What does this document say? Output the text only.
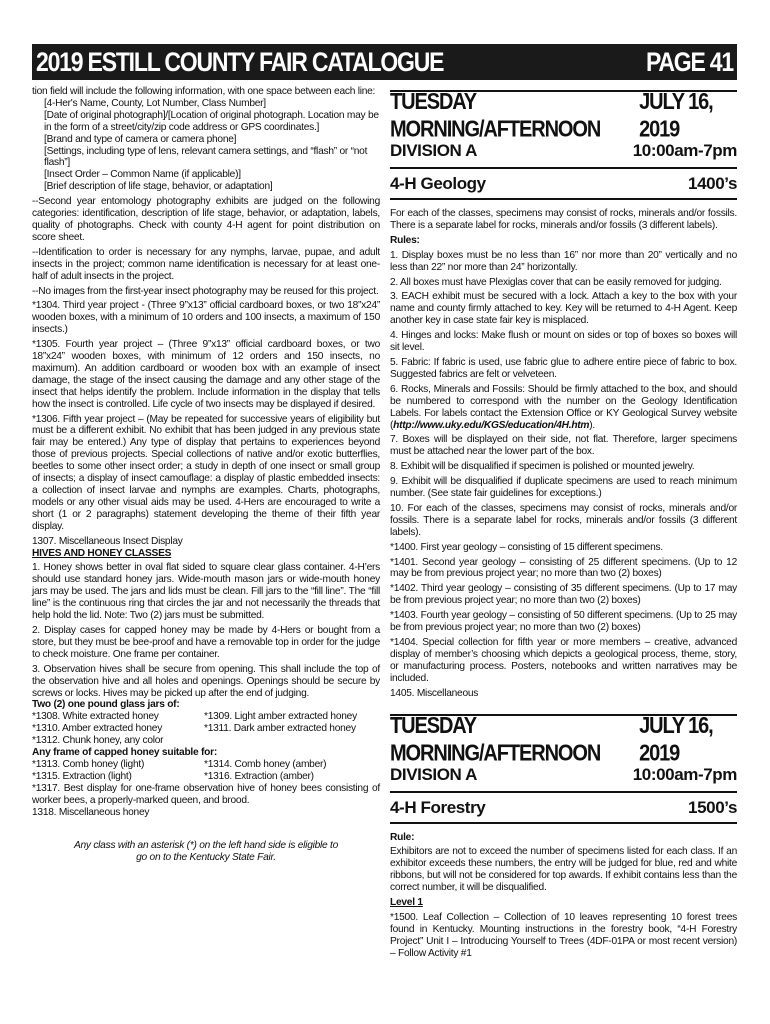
2019 ESTILL COUNTY FAIR CATALOGUE	PAGE 41

tion field will include the following information, with one space between each line:

[4-Her's Name, County, Lot Number, Class Number]

[Date of original photograph]/[Location of original photograph. Location may be in the form of a street/city/zip code address or GPS coordinates.]

[Brand and type of camera or camera phone]

[Settings, including type of lens, relevant camera settings, and “flash” or “not flash”]

[Insect Order – Common Name (if applicable)]

[Brief description of life stage, behavior, or adaptation]

--Second year entomology photography exhibits are judged on the following categories: identification, description of life stage, behavior, or adaptation, labels, quality of photographs. Check with county 4-H agent for point distribution on score sheet.

--Identification to order is necessary for any nymphs, larvae, pupae, and adult insects in the project; common name identification is necessary for at least one-half of adult insects in the project.

--No images from the first-year insect photography may be reused for this project.

*1304. Third year project - (Three 9”x13” official cardboard boxes, or two 18”x24” wooden boxes, with a minimum of 10 orders and 100 insects, a maximum of 150 insects.)

*1305. Fourth year project – (Three 9”x13” official cardboard boxes, or two 18”x24” wooden boxes, with minimum of 12 orders and 150 insects, no maximum). An addition cardboard or wooden box with an example of insect damage, the stage of the insect causing the damage and any other stage of the insect that helps identify the problem. Include information in the display that tells how the insect is controlled. Life cycle of two insects may be displayed if desired.

*1306. Fifth year project – (May be repeated for successive years of eligibility but must be a different exhibit. No exhibit that has been judged in any previous state fair may be entered.) Any type of display that pertains to experiences beyond those of previous projects. Special collections of native and/or exotic butterflies, beetles to some other insect order; a study in depth of one insect or small group of insects; a display of insect camouflage: a display of plastic embedded insects: a collection of insect larvae and nymphs are examples. Charts, photographs, models or any other visual aids may be used. 4-Hers are encouraged to write a short (1 or 2 paragraphs) statement developing the theme of their fifth year display.

1307. Miscellaneous Insect Display

HIVES AND HONEY CLASSES

1. Honey shows better in oval flat sided to square clear glass container. 4-H’ers should use standard honey jars. Wide-mouth mason jars or wide-mouth honey jars may be used. The jars and lids must be clean. Fill jars to the “fill line”. The “fill line” is the continuous ring that circles the jar and not necessarily the threads that help hold the lid. Note: Two (2) jars must be submitted.

2. Display cases for capped honey may be made by 4-Hers or bought from a store, but they must be bee-proof and have a removable top in order for the judge to check moisture. One frame per container.

3. Observation hives shall be secure from opening. This shall include the top of the observation hive and all holes and openings. Openings should be secure by screws or locks. Hives may be picked up after the end of judging.

Two (2) one pound glass jars of:

*1308. White extracted honey	*1309. Light amber extracted honey
*1310. Amber extracted honey	*1311. Dark amber extracted honey
*1312. Chunk honey, any color

Any frame of capped honey suitable for:

*1313. Comb honey (light)	*1314. Comb honey (amber)
*1315. Extraction (light)	*1316. Extraction (amber)

*1317. Best display for one-frame observation hive of honey bees consisting of worker bees, a properly-marked queen, and brood.

1318. Miscellaneous honey

Any class with an asterisk (*) on the left hand side is eligible to go on to the Kentucky State Fair.

TUESDAY MORNING/AFTERNOON
JULY 16, 2019
DIVISION A	10:00am-7pm
4-H Geology	1400’s

For each of the classes, specimens may consist of rocks, minerals and/or fossils. There is a separate label for rocks, minerals and/or fossils (3 different labels).

Rules:

1. Display boxes must be no less than 16” nor more than 20” vertically and no less than 22” nor more than 24” horizontally.

2. All boxes must have Plexiglas cover that can be easily removed for judging.

3. EACH exhibit must be secured with a lock. Attach a key to the box with your name and county firmly attached to key. Key will be returned to 4-H Agent. Keep another key in case state fair key is misplaced.

4. Hinges and locks: Make flush or mount on sides or top of boxes so boxes will sit level.

5. Fabric: If fabric is used, use fabric glue to adhere entire piece of fabric to box. Suggested fabrics are felt or velveteen.

6. Rocks, Minerals and Fossils: Should be firmly attached to the box, and should be numbered to correspond with the number on the Geology Identification Labels. For labels contact the Extension Office or KY Geological Survey website (http://www.uky.edu/KGS/education/4H.htm).

7. Boxes will be displayed on their side, not flat. Therefore, larger specimens must be attached near the lower part of the box.

8. Exhibit will be disqualified if specimen is polished or mounted jewelry.

9. Exhibit will be disqualified if duplicate specimens are used to reach minimum number. (See state fair guidelines for exceptions.)

10. For each of the classes, specimens may consist of rocks, minerals and/or fossils. There is a separate label for rocks, minerals and/or fossils (3 different labels).

*1400. First year geology – consisting of 15 different specimens.

*1401. Second year geology – consisting of 25 different specimens. (Up to 12 may be from previous project year; no more than two (2) boxes)

*1402. Third year geology – consisting of 35 different specimens. (Up to 17 may be from previous project year; no more than two (2) boxes)

*1403. Fourth year geology – consisting of 50 different specimens. (Up to 25 may be from previous project year; no more than two (2) boxes)

*1404. Special collection for fifth year or more members – creative, advanced display of member’s choosing which depicts a geological process, theme, story, or manufacturing process. Posters, notebooks and written narratives may be included.

1405. Miscellaneous

TUESDAY MORNING/AFTERNOON
JULY 16, 2019
DIVISION A	10:00am-7pm
4-H Forestry	1500’s

Rule:

Exhibitors are not to exceed the number of specimens listed for each class. If an exhibitor exceeds these numbers, the entry will be judged for blue, red and white ribbons, but will not be considered for top awards. If exhibit contains less than the correct number, it will be disqualified.

Level 1

*1500. Leaf Collection – Collection of 10 leaves representing 10 forest trees found in Kentucky. Mounting instructions in the forestry book, “4-H Forestry Project” Unit I – Introducing Yourself to Trees (4DF-01PA or most recent version) – Follow Activity #1
